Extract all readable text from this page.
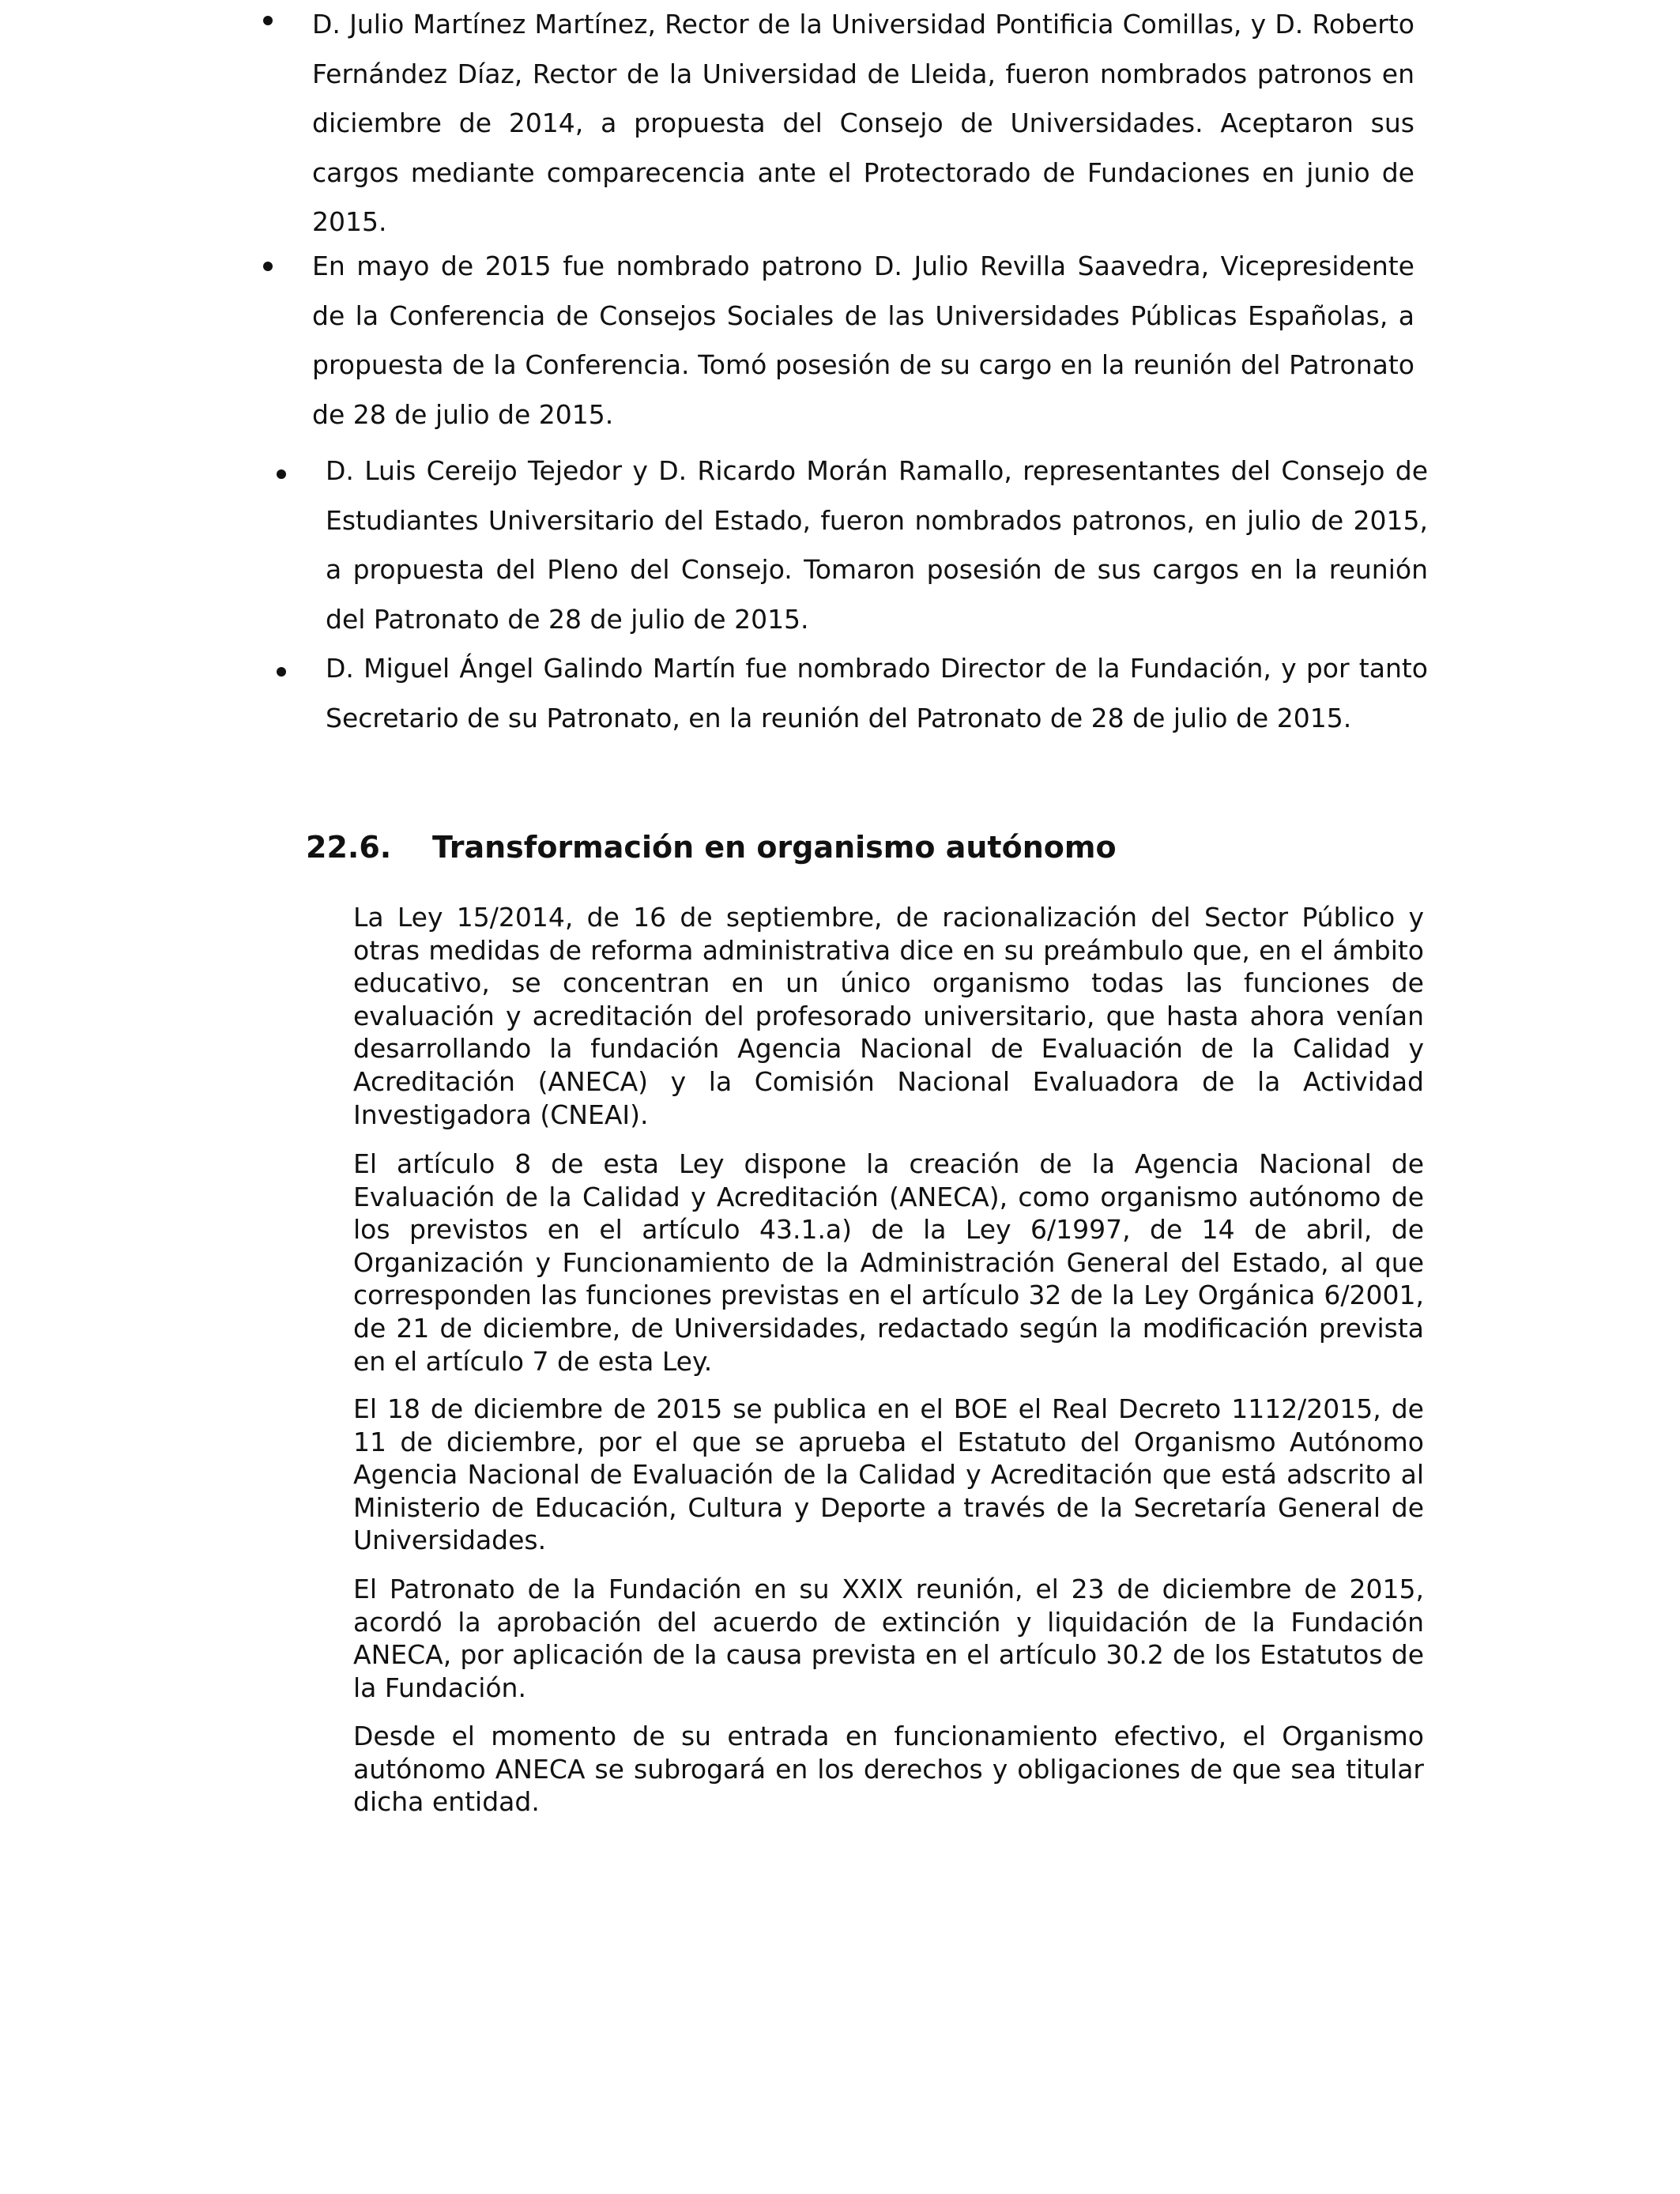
D. Julio Martínez Martínez, Rector de la Universidad Pontificia Comillas, y D. Roberto Fernández Díaz, Rector de la Universidad de Lleida, fueron nombrados patronos en diciembre de 2014, a propuesta del Consejo de Universidades. Aceptaron sus cargos mediante comparecencia ante el Protectorado de Fundaciones en junio de 2015.
En mayo de 2015 fue nombrado patrono D. Julio Revilla Saavedra, Vicepresidente de la Conferencia de Consejos Sociales de las Universidades Públicas Españolas, a propuesta de la Conferencia. Tomó posesión de su cargo en la reunión del Patronato de 28 de julio de 2015.
D. Luis Cereijo Tejedor y D. Ricardo Morán Ramallo, representantes del Consejo de Estudiantes Universitario del Estado, fueron nombrados patronos, en julio de 2015, a propuesta del Pleno del Consejo. Tomaron posesión de sus cargos en la reunión del Patronato de 28 de julio de 2015.
D. Miguel Ángel Galindo Martín fue nombrado Director de la Fundación, y por tanto Secretario de su Patronato, en la reunión del Patronato de 28 de julio de 2015.
22.6. Transformación en organismo autónomo

La Ley 15/2014, de 16 de septiembre, de racionalización del Sector Público y otras medidas de reforma administrativa dice en su preámbulo que, en el ámbito educativo, se concentran en un único organismo todas las funciones de evaluación y acreditación del profesorado universitario, que hasta ahora venían desarrollando la fundación Agencia Nacional de Evaluación de la Calidad y Acreditación (ANECA) y la Comisión Nacional Evaluadora de la Actividad Investigadora (CNEAI).

El artículo 8 de esta Ley dispone la creación de la Agencia Nacional de Evaluación de la Calidad y Acreditación (ANECA), como organismo autónomo de los previstos en el artículo 43.1.a) de la Ley 6/1997, de 14 de abril, de Organización y Funcionamiento de la Administración General del Estado, al que corresponden las funciones previstas en el artículo 32 de la Ley Orgánica 6/2001, de 21 de diciembre, de Universidades, redactado según la modificación prevista en el artículo 7 de esta Ley.

El 18 de diciembre de 2015 se publica en el BOE el Real Decreto 1112/2015, de 11 de diciembre, por el que se aprueba el Estatuto del Organismo Autónomo Agencia Nacional de Evaluación de la Calidad y Acreditación que está adscrito al Ministerio de Educación, Cultura y Deporte a través de la Secretaría General de Universidades.

El Patronato de la Fundación en su XXIX reunión, el 23 de diciembre de 2015, acordó la aprobación del acuerdo de extinción y liquidación de la Fundación ANECA, por aplicación de la causa prevista en el artículo 30.2 de los Estatutos de la Fundación.

Desde el momento de su entrada en funcionamiento efectivo, el Organismo autónomo ANECA se subrogará en los derechos y obligaciones de que sea titular dicha entidad.
